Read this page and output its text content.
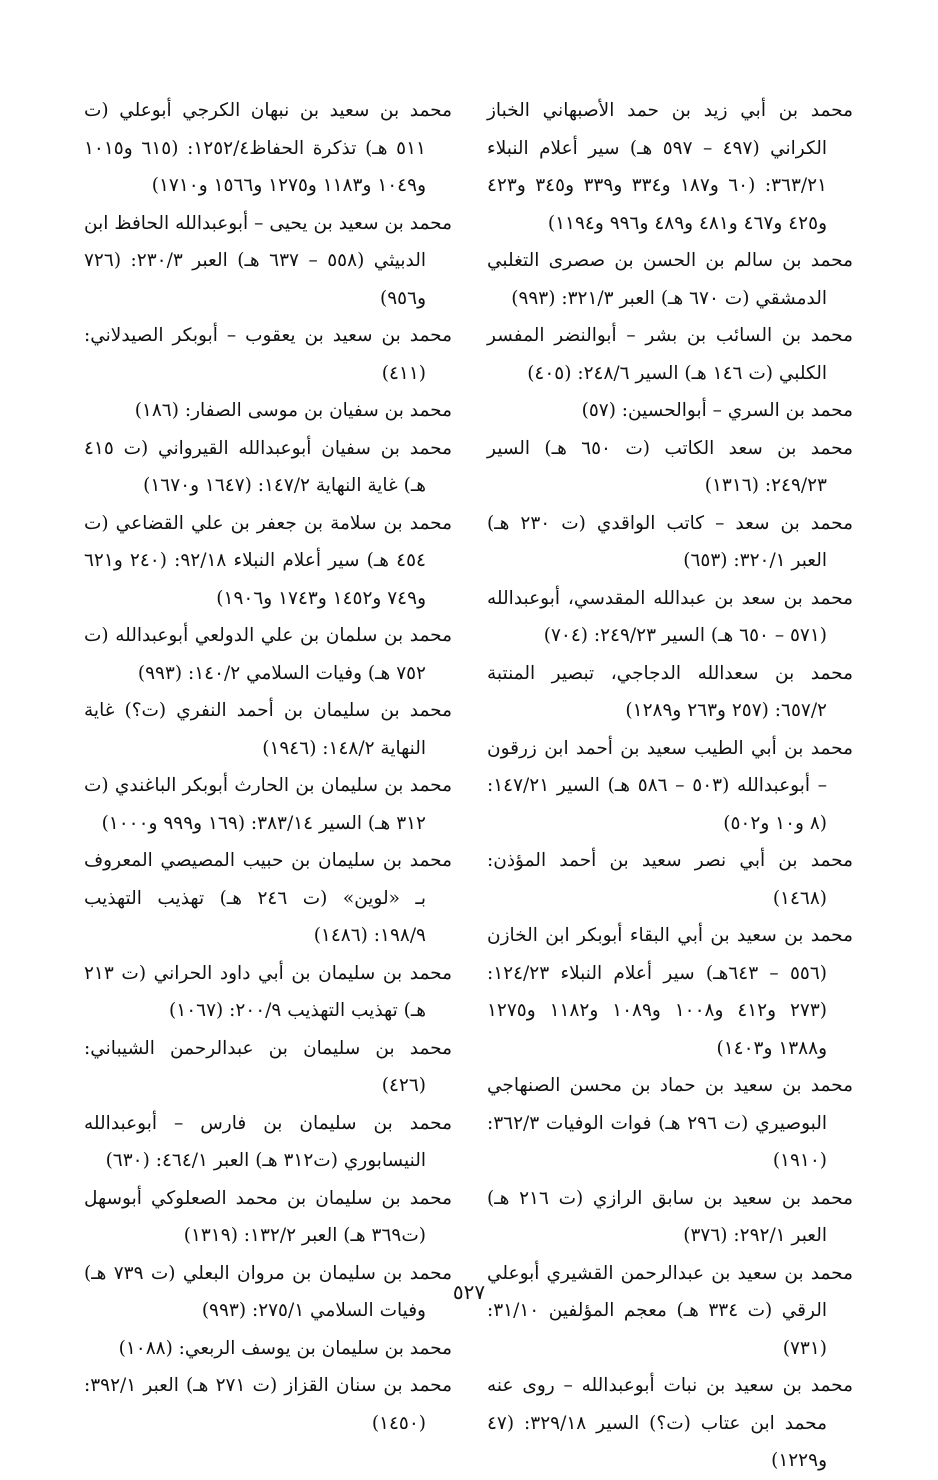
محمد بن أبي زيد بن حمد الأصبهاني الخباز الكراني (٤٩٧ – ٥٩٧ هـ) سير أعلام النبلاء ٣٦٣/٢١: (٦٠ و١٨٧ و٣٣٤ و٣٣٩ و٣٤٥ و٤٢٣ و٤٢٥ و٤٦٧ و٤٨١ و٤٨٩ و٩٩٦ و١١٩٤)

محمد بن سالم بن الحسن بن صصرى التغلبي الدمشقي (ت ٦٧٠ هـ) العبر ٣٢١/٣: (٩٩٣)

محمد بن السائب بن بشر – أبوالنضر المفسر الكلبي (ت ١٤٦ هـ) السير ٢٤٨/٦: (٤٠٥)

محمد بن السري – أبوالحسين: (٥٧)

محمد بن سعد الكاتب (ت ٦٥٠ هـ) السير ٢٤٩/٢٣: (١٣١٦)

محمد بن سعد – كاتب الواقدي (ت ٢٣٠ هـ) العبر ٣٢٠/١: (٦٥٣)

محمد بن سعد بن عبدالله المقدسي، أبوعبدالله (٥٧١ – ٦٥٠ هـ) السير ٢٤٩/٢٣: (٧٠٤)

محمد بن سعدالله الدجاجي، تبصير المنتبة ٦٥٧/٢: (٢٥٧ و٢٦٣ و١٢٨٩)

محمد بن أبي الطيب سعيد بن أحمد ابن زرقون – أبوعبدالله (٥٠٣ – ٥٨٦ هـ) السير ١٤٧/٢١: (٨ و١٠ و٥٠٢)

محمد بن أبي نصر سعيد بن أحمد المؤذن: (١٤٦٨)

محمد بن سعيد بن أبي البقاء أبوبكر ابن الخازن (٥٥٦ – ٦٤٣هـ) سير أعلام النبلاء ١٢٤/٢٣: (٢٧٣ و٤١٢ و١٠٠٨ و١٠٨٩ و١١٨٢ و١٢٧٥ و١٣٨٨ و١٤٠٣)

محمد بن سعيد بن حماد بن محسن الصنهاجي البوصيري (ت ٢٩٦ هـ) فوات الوفيات ٣٦٢/٣: (١٩١٠)

محمد بن سعيد بن سابق الرازي (ت ٢١٦ هـ) العبر ٢٩٢/١: (٣٧٦)

محمد بن سعيد بن عبدالرحمن القشيري أبوعلي الرقي (ت ٣٣٤ هـ) معجم المؤلفين ٣١/١٠: (٧٣١)

محمد بن سعيد بن نبات أبوعبدالله – روى عنه محمد ابن عتاب (ت؟) السير ٣٢٩/١٨: (٤٧ و١٢٢٩)

محمد بن سعيد بن نبهان الكرجي أبوعلي (ت ٥١١ هـ) تذكرة الحفاظ١٢٥٢/٤: (٦١٥ و١٠١٥ و١٠٤٩ و١١٨٣ و١٢٧٥ و١٥٦٦ و١٧١٠)

محمد بن سعيد بن يحيى – أبوعبدالله الحافظ ابن الدبيثي (٥٥٨ – ٦٣٧ هـ) العبر ٢٣٠/٣: (٧٢٦ و٩٥٦)

محمد بن سعيد بن يعقوب – أبوبكر الصيدلاني: (٤١١)

محمد بن سفيان بن موسى الصفار: (١٨٦)

محمد بن سفيان أبوعبدالله القيرواني (ت ٤١٥ هـ) غاية النهاية ١٤٧/٢: (١٦٤٧ و١٦٧٠)

محمد بن سلامة بن جعفر بن علي القضاعي (ت ٤٥٤ هـ) سير أعلام النبلاء ٩٢/١٨: (٢٤٠ و٦٢١ و٧٤٩ و١٤٥٢ و١٧٤٣ و١٩٠٦)

محمد بن سلمان بن علي الدولعي أبوعبدالله (ت ٧٥٢ هـ) وفيات السلامي ١٤٠/٢: (٩٩٣)

محمد بن سليمان بن أحمد النفري (ت؟) غاية النهاية ١٤٨/٢: (١٩٤٦)

محمد بن سليمان بن الحارث أبوبكر الباغندي (ت ٣١٢ هـ) السير ٣٨٣/١٤: (١٦٩ و٩٩٩ و١٠٠٠)

محمد بن سليمان بن حبيب المصيصي المعروف بـ «لوين» (ت ٢٤٦ هـ) تهذيب التهذيب ١٩٨/٩: (١٤٨٦)

محمد بن سليمان بن أبي داود الحراني (ت ٢١٣ هـ) تهذيب التهذيب ٢٠٠/٩: (١٠٦٧)

محمد بن سليمان بن عبدالرحمن الشيباني: (٤٢٦)

محمد بن سليمان بن فارس – أبوعبدالله النيسابوري (ت٣١٢ هـ) العبر ٤٦٤/١: (٦٣٠)

محمد بن سليمان بن محمد الصعلوكي أبوسهل (ت٣٦٩ هـ) العبر ١٣٢/٢: (١٣١٩)

محمد بن سليمان بن مروان البعلي (ت ٧٣٩ هـ) وفيات السلامي ٢٧٥/١: (٩٩٣)

محمد بن سليمان بن يوسف الربعي: (١٠٨٨)

محمد بن سنان القزاز (ت ٢٧١ هـ) العبر ٣٩٢/١: (١٤٥٠)

٥٢٧
